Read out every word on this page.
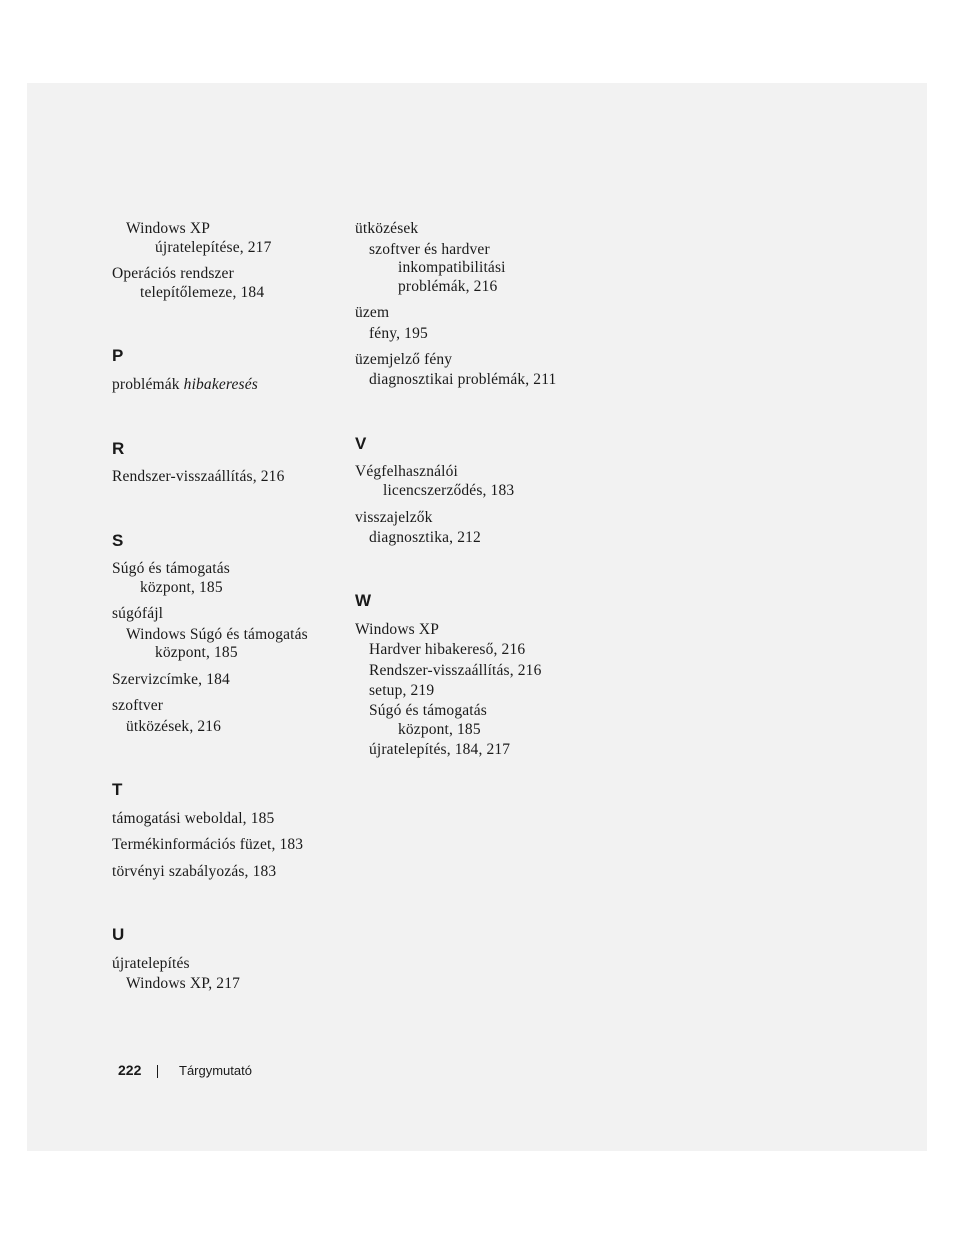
Windows XP
újratelepítése, 217
Operációs rendszer
telepítőlemeze, 184
P
problémák hibakeresés
R
Rendszer-visszaállítás, 216
S
Súgó és támogatás
központ, 185
súgófájl
Windows Súgó és támogatás
központ, 185
Szervizcímke, 184
szoftver
ütközések, 216
T
támogatási weboldal, 185
Termékinformációs füzet, 183
törvényi szabályozás, 183
U
újratelepítés
Windows XP, 217
ütközések
szoftver és hardver
inkompatibilitási
problémák, 216
üzem
fény, 195
üzemjelző fény
diagnosztikai problémák, 211
V
Végfelhasználói
licencszerződés, 183
visszajelzők
diagnosztika, 212
W
Windows XP
Hardver hibakereső, 216
Rendszer-visszaállítás, 216
setup, 219
Súgó és támogatás
központ, 185
újratelepítés, 184, 217
222	Tárgymutató
